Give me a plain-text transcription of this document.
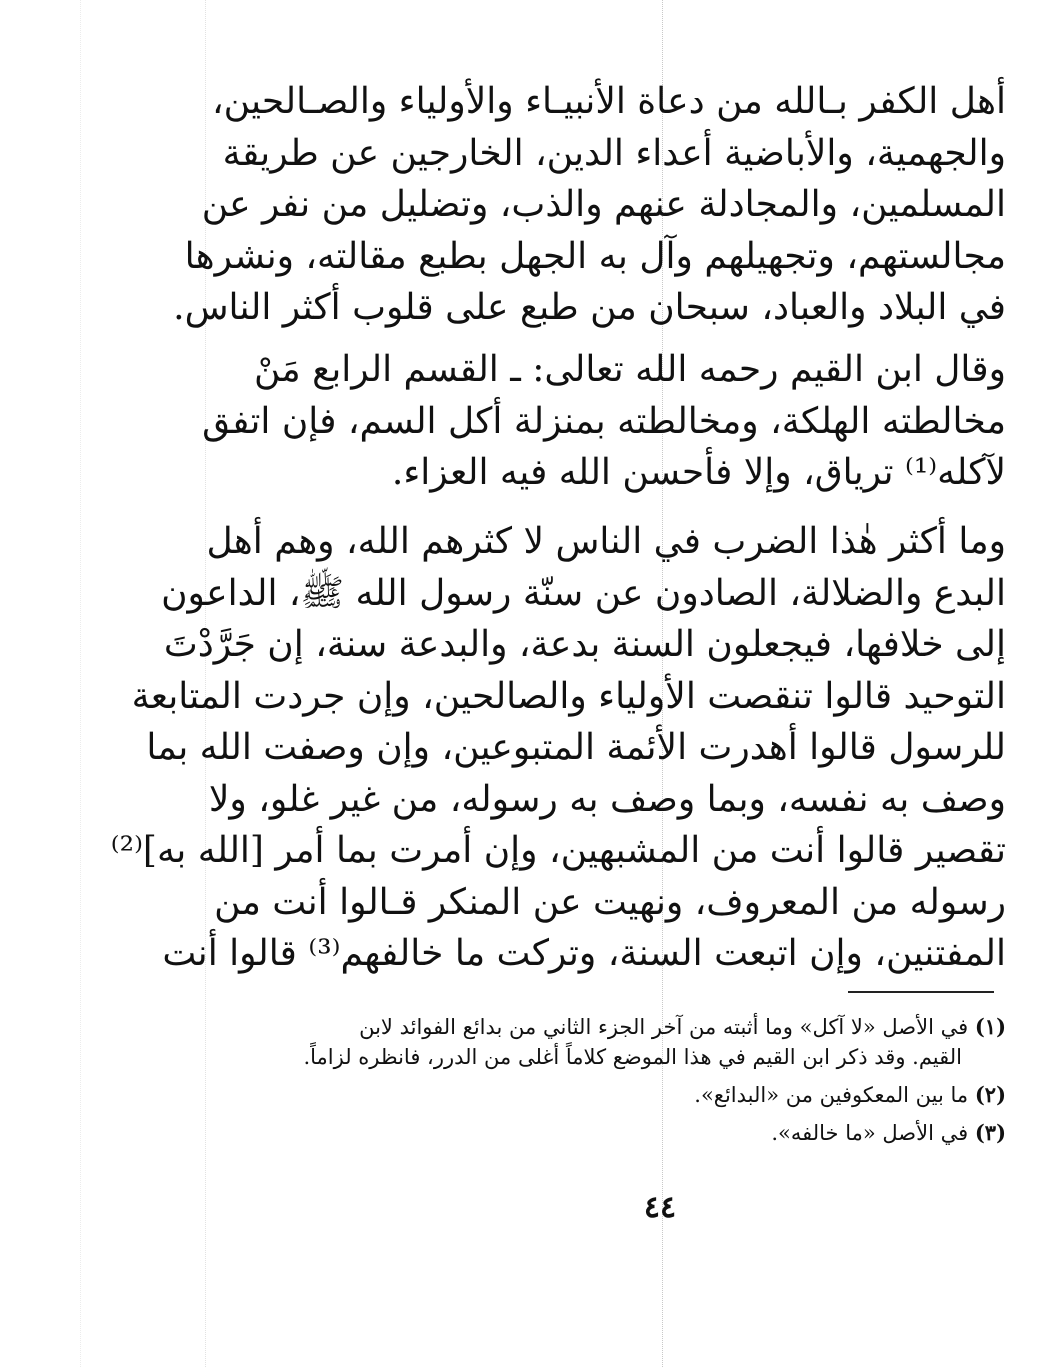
أهل الكفر بـالله من دعاة الأنبيـاء والأولياء والصـالحين،
والجهمية، والأباضية أعداء الدين، الخارجين عن طريقة
المسلمين، والمجادلة عنهم والذب، وتضليل من نفر عن
مجالستهم، وتجهيلهم وآل به الجهل بطبع مقالته، ونشرها
في البلاد والعباد، سبحان من طبع على قلوب أكثر الناس.

وقال ابن القيم رحمه الله تعالى: ـ القسم الرابع مَنْ
مخالطته الهلكة، ومخالطته بمنزلة أكل السم، فإن اتفق
لآكله⁽¹⁾ ترياق، وإلا فأحسن الله فيه العزاء.

وما أكثر هٰذا الضرب في الناس لا كثرهم الله، وهم أهل
البدع والضلالة، الصادون عن سنّة رسول الله ﷺ، الداعون
إلى خلافها، فيجعلون السنة بدعة، والبدعة سنة، إن جَرَّدْتَ
التوحيد قالوا تنقصت الأولياء والصالحين، وإن جردت المتابعة
للرسول قالوا أهدرت الأئمة المتبوعين، وإن وصفت الله بما
وصف به نفسه، وبما وصف به رسوله، من غير غلو، ولا
تقصير قالوا أنت من المشبهين، وإن أمرت بما أمر [الله به]⁽²⁾
رسوله من المعروف، ونهيت عن المنكر قـالوا أنت من
المفتنين، وإن اتبعت السنة، وتركت ما خالفهم⁽³⁾ قالوا أنت

(١) في الأصل «لا آكل» وما أثبته من آخر الجزء الثاني من بدائع الفوائد لابن
القيم. وقد ذكر ابن القيم في هذا الموضع كلاماً أغلى من الدرر، فانظره لزاماً.
(٢) ما بين المعكوفين من «البدائع».
(٣) في الأصل «ما خالفه».
٤٤
